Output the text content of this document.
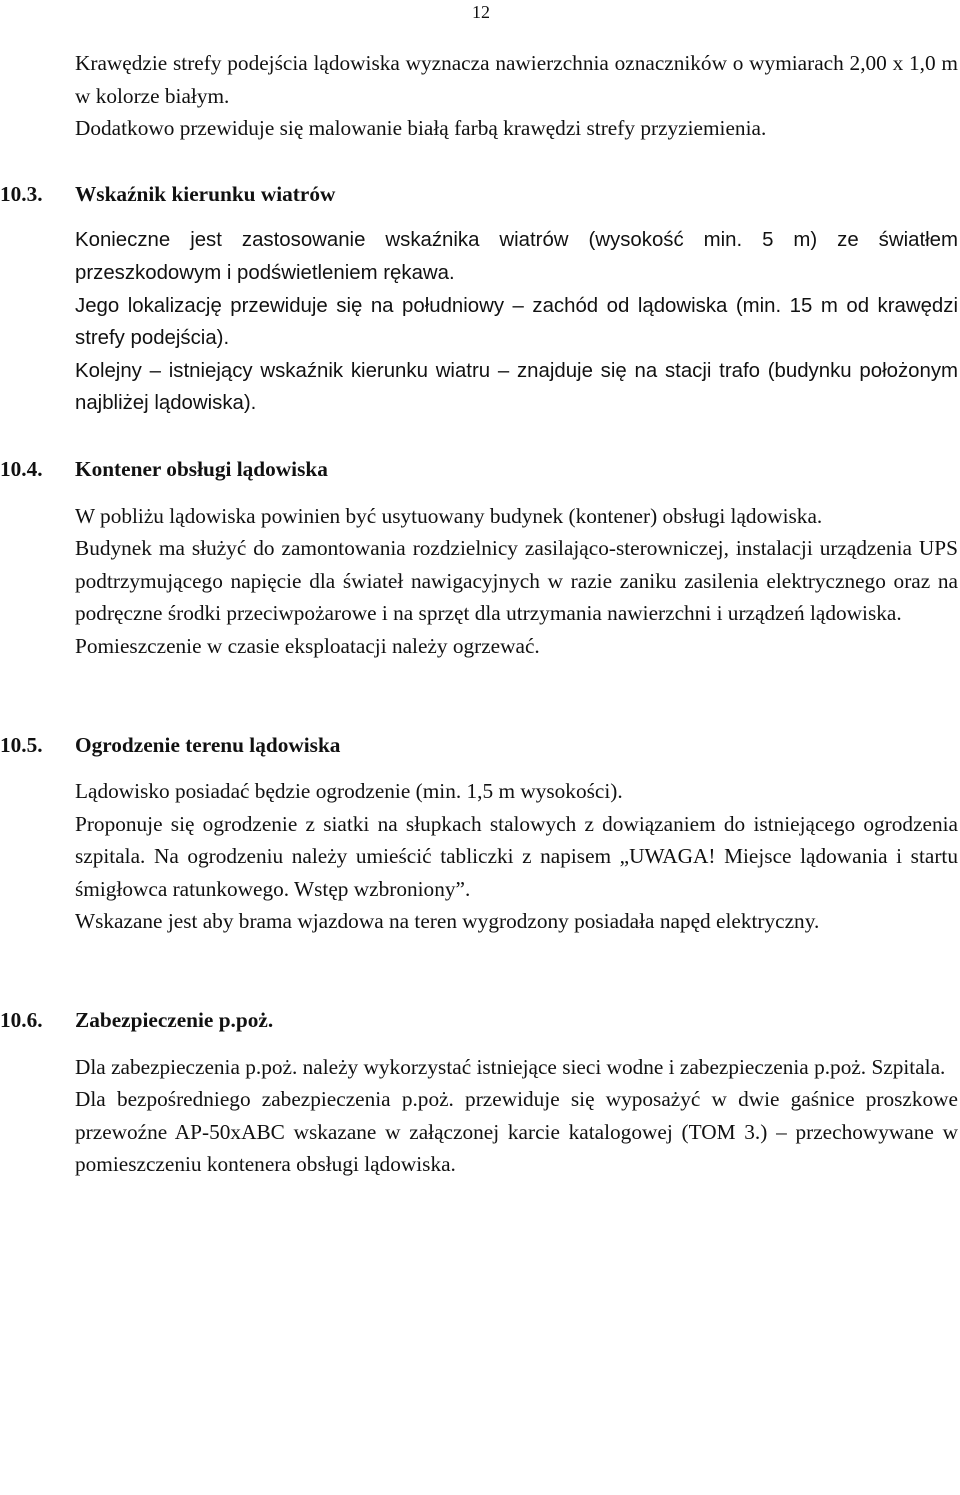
12

Krawędzie strefy podejścia lądowiska wyznacza nawierzchnia oznaczników o wymiarach 2,00 x 1,0 m w kolorze białym.

Dodatkowo przewiduje się malowanie białą farbą krawędzi strefy przyziemienia.

10.3.	Wskaźnik kierunku wiatrów

Konieczne jest zastosowanie wskaźnika wiatrów (wysokość min. 5 m) ze światłem przeszkodowym i podświetleniem rękawa.

Jego lokalizację przewiduje się na południowy – zachód od lądowiska (min. 15 m od krawędzi strefy podejścia).

Kolejny – istniejący wskaźnik kierunku wiatru – znajduje się na stacji trafo (budynku położonym najbliżej lądowiska).

10.4.	Kontener obsługi lądowiska

W pobliżu lądowiska powinien być usytuowany budynek (kontener) obsługi lądowiska.

Budynek ma służyć do zamontowania rozdzielnicy zasilająco-sterowniczej, instalacji urządzenia UPS podtrzymującego napięcie dla świateł nawigacyjnych w razie zaniku zasilenia elektrycznego oraz na podręczne środki przeciwpożarowe i na sprzęt dla utrzymania nawierzchni i urządzeń lądowiska.

Pomieszczenie w czasie eksploatacji należy ogrzewać.

10.5.	Ogrodzenie terenu lądowiska

Lądowisko posiadać będzie ogrodzenie (min. 1,5 m wysokości).

Proponuje się ogrodzenie z siatki na słupkach stalowych z dowiązaniem do istniejącego ogrodzenia szpitala. Na ogrodzeniu należy umieścić tabliczki z napisem „UWAGA! Miejsce lądowania i startu śmigłowca ratunkowego. Wstęp wzbroniony”.

Wskazane jest aby brama wjazdowa na teren wygrodzony posiadała napęd elektryczny.

10.6.	Zabezpieczenie p.poż.

Dla zabezpieczenia p.poż. należy wykorzystać istniejące sieci wodne i zabezpieczenia p.poż. Szpitala.

Dla bezpośredniego zabezpieczenia p.poż. przewiduje się wyposażyć w dwie gaśnice proszkowe przewoźne AP-50xABC wskazane w załączonej karcie katalogowej (TOM 3.) – przechowywane w pomieszczeniu kontenera obsługi lądowiska.
